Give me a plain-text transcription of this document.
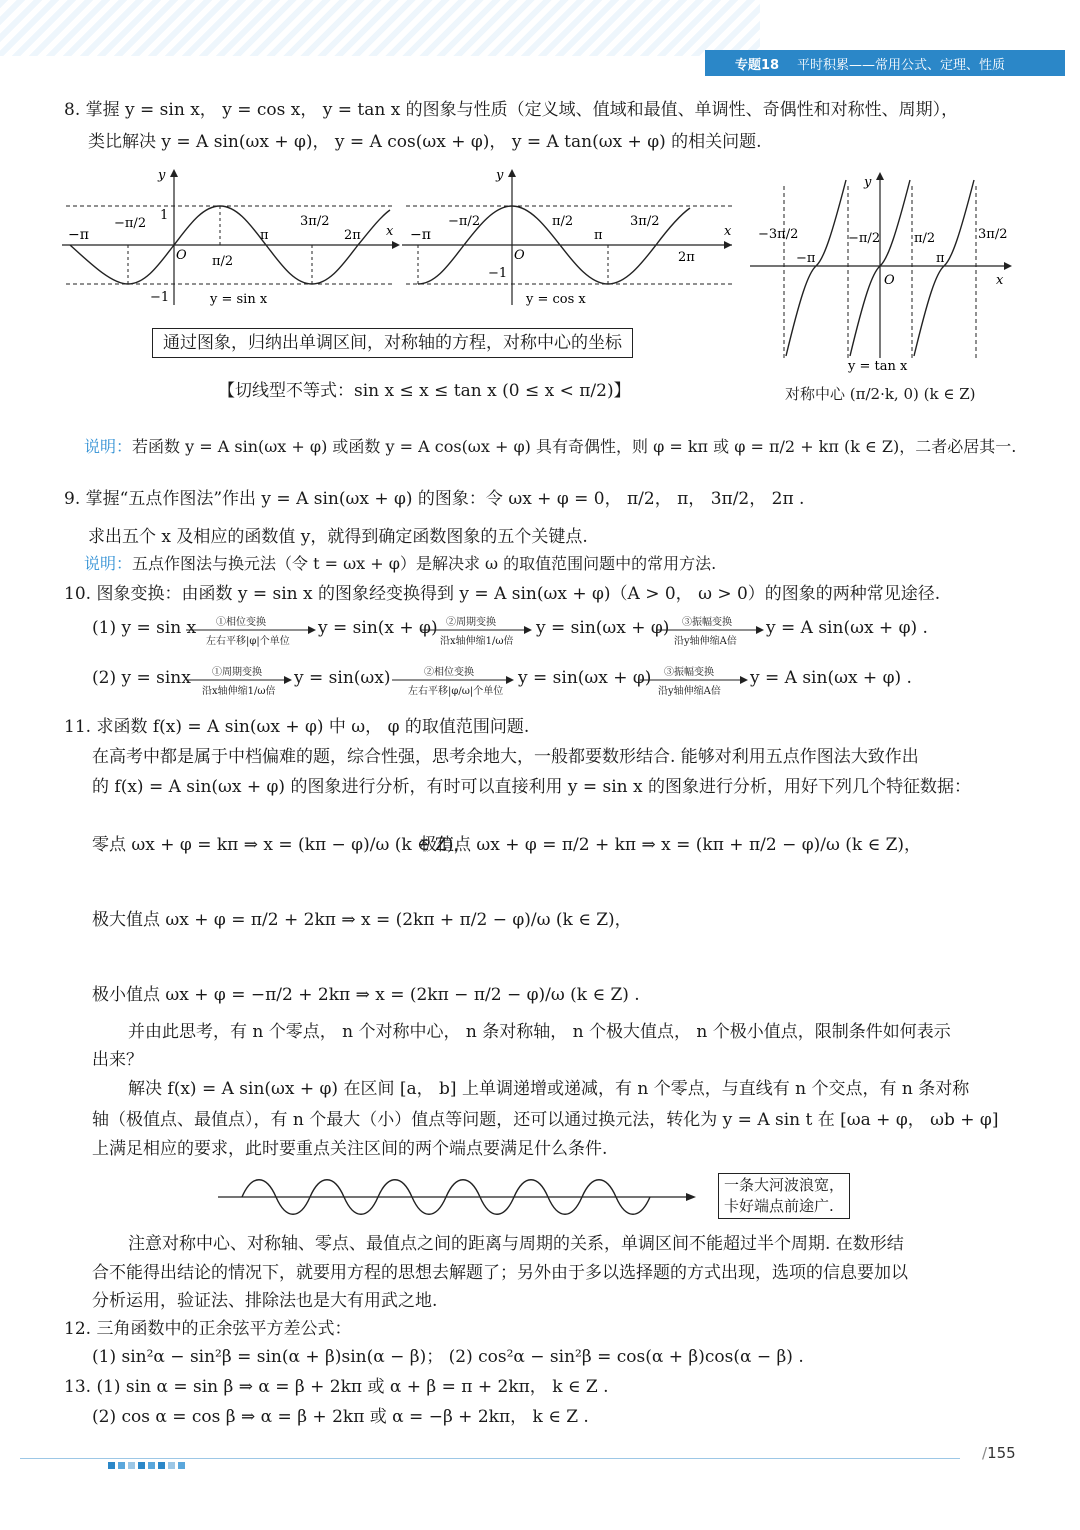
专题18 平时积累——常用公式、定理、性质
8. 掌握 y = sin x， y = cos x， y = tan x 的图象与性质（定义域、值域和最值、单调性、奇偶性和对称性、周期），
类比解决 y = A sin(ωx + φ)， y = A cos(ωx + φ)， y = A tan(ωx + φ) 的相关问题.
−π
−π/2
1
O π/2
π
3π/2
2π x
y
−1	y = sin x
−π
−π/2
O
π/2
π
3π/2
2π
x
y
−1
y = cos x
−3π/2
−π
−π/2
O
π/2
π
3π/2
x
y
y = tan x
对称中心 (π/2·k, 0) (k ∈ Z)
通过图象，归纳出单调区间，对称轴的方程，对称中心的坐标
【切线型不等式：sin x ≤ x ≤ tan x (0 ≤ x < π/2)】
说明：若函数 y = A sin(ωx + φ) 或函数 y = A cos(ωx + φ) 具有奇偶性，则 φ = kπ 或 φ = π/2 + kπ (k ∈ Z)，二者必居其一.
9. 掌握“五点作图法”作出 y = A sin(ωx + φ) 的图象：令 ωx + φ = 0， π/2， π， 3π/2， 2π .
求出五个 x 及相应的函数值 y，就得到确定函数图象的五个关键点.
说明：五点作图法与换元法（令 t = ωx + φ）是解决求 ω 的取值范围问题中的常用方法.
10. 图象变换：由函数 y = sin x 的图象经变换得到 y = A sin(ωx + φ)（A > 0， ω > 0）的图象的两种常见途径.
(1) y = sin x ①相位变换
左右平移|φ|个单位
y = sin(x + φ) ②周期变换
沿x轴伸缩1/ω倍
y = sin(ωx + φ) ③振幅变换
沿y轴伸缩A倍
y = A sin(ωx + φ) .
(2) y = sinx ①周期变换
沿x轴伸缩1/ω倍
y = sin(ωx)	②相位变换
左右平移|φ/ω|个单位
y = sin(ωx + φ) ③振幅变换
沿y轴伸缩A倍
y = A sin(ωx + φ) .
11. 求函数 f(x) = A sin(ωx + φ) 中 ω， φ 的取值范围问题.
在高考中都是属于中档偏难的题，综合性强，思考余地大，一般都要数形结合. 能够对利用五点作图法大致作出
的 f(x) = A sin(ωx + φ) 的图象进行分析，有时可以直接利用 y = sin x 的图象进行分析，用好下列几个特征数据：
零点 ωx + φ = kπ ⇒ x = (kπ − φ)/ω (k ∈ Z)，
极值点 ωx + φ = π/2 + kπ ⇒ x = (kπ + π/2 − φ)/ω (k ∈ Z)，
极大值点 ωx + φ = π/2 + 2kπ ⇒ x = (2kπ + π/2 − φ)/ω (k ∈ Z)，
极小值点 ωx + φ = −π/2 + 2kπ ⇒ x = (2kπ − π/2 − φ)/ω (k ∈ Z) .
并由此思考，有 n 个零点， n 个对称中心， n 条对称轴， n 个极大值点， n 个极小值点，限制条件如何表示
出来？
解决 f(x) = A sin(ωx + φ) 在区间 [a， b] 上单调递增或递减，有 n 个零点，与直线有 n 个交点，有 n 条对称
轴（极值点、最值点），有 n 个最大（小）值点等问题，还可以通过换元法，转化为 y = A sin t 在 [ωa + φ， ωb + φ]
上满足相应的要求，此时要重点关注区间的两个端点要满足什么条件.
一条大河波浪宽，
卡好端点前途广.
注意对称中心、对称轴、零点、最值点之间的距离与周期的关系，单调区间不能超过半个周期. 在数形结
合不能得出结论的情况下，就要用方程的思想去解题了；另外由于多以选择题的方式出现，选项的信息要加以
分析运用，验证法、排除法也是大有用武之地.
12. 三角函数中的正余弦平方差公式：
(1) sin²α − sin²β = sin(α + β)sin(α − β)； (2) cos²α − sin²β = cos(α + β)cos(α − β) .
13. (1) sin α = sin β ⇒ α = β + 2kπ 或 α + β = π + 2kπ， k ∈ Z .
(2) cos α = cos β ⇒ α = β + 2kπ 或 α = −β + 2kπ， k ∈ Z .
/155
